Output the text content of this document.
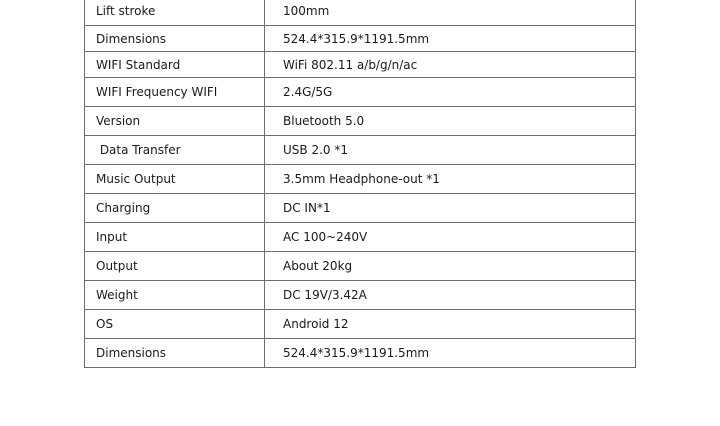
Lift stroke	100mm
Dimensions	524.4*315.9*1191.5mm
WIFI Standard	WiFi 802.11 a/b/g/n/ac
WIFI Frequency WIFI	2.4G/5G
Version	Bluetooth 5.0
Data Transfer	USB 2.0 *1
Music Output	3.5mm Headphone-out *1
Charging	DC IN*1
Input	AC 100~240V
Output	About 20kg
Weight	DC 19V/3.42A
OS	Android 12
Dimensions	524.4*315.9*1191.5mm
